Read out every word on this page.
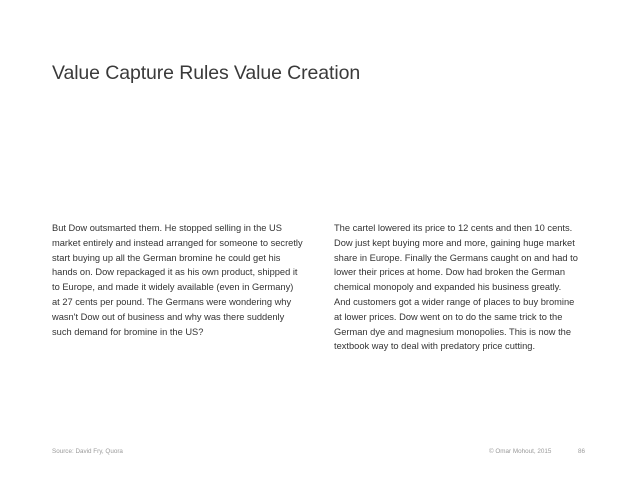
Value Capture Rules Value Creation
But Dow outsmarted them. He stopped selling in the US
market entirely and instead arranged for someone to secretly
start buying up all the German bromine he could get his
hands on. Dow repackaged it as his own product, shipped it
to Europe, and made it widely available (even in Germany)
at 27 cents per pound. The Germans were wondering why
wasn't Dow out of business and why was there suddenly
such demand for bromine in the US?
The cartel lowered its price to 12 cents and then 10 cents.
Dow just kept buying more and more, gaining huge market
share in Europe. Finally the Germans caught on and had to
lower their prices at home. Dow had broken the German
chemical monopoly and expanded his business greatly.
And customers got a wider range of places to buy bromine
at lower prices. Dow went on to do the same trick to the
German dye and magnesium monopolies. This is now the
textbook way to deal with predatory price cutting.
Source: David Fry, Quora	© Omar Mohout, 2015	86
